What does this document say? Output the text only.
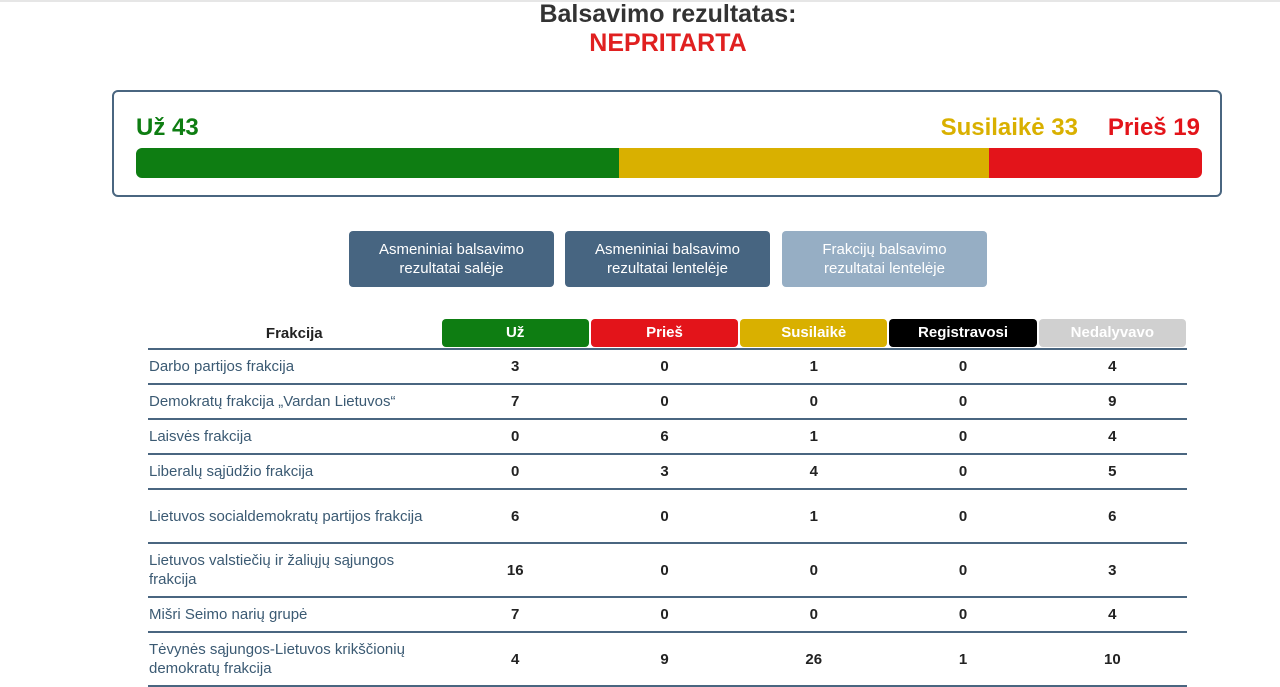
Balsavimo rezultatas:
NEPRITARTA
Už 43	Susilaikė 33 Prieš 19
Asmeniniai balsavimo rezultatai salėje
Asmeniniai balsavimo rezultatai lentelėje
Frakcijų balsavimo rezultatai lentelėje
Frakcija	Už	Prieš	Susilaikė	Registravosi	Nedalyvavo

Darbo partijos frakcija	3	0	1	0	4
Demokratų frakcija „Vardan Lietuvos“	7	0	0	0	9
Laisvės frakcija	0	6	1	0	4
Liberalų sąjūdžio frakcija	0	3	4	0	5
Lietuvos socialdemokratų partijos frakcija	6	0	1	0	6
Lietuvos valstiečių ir žaliųjų sąjungos frakcija	16	0	0	0	3
Mišri Seimo narių grupė	7	0	0	0	4
Tėvynės sąjungos-Lietuvos krikščionių demokratų frakcija	4	9	26	1	10
